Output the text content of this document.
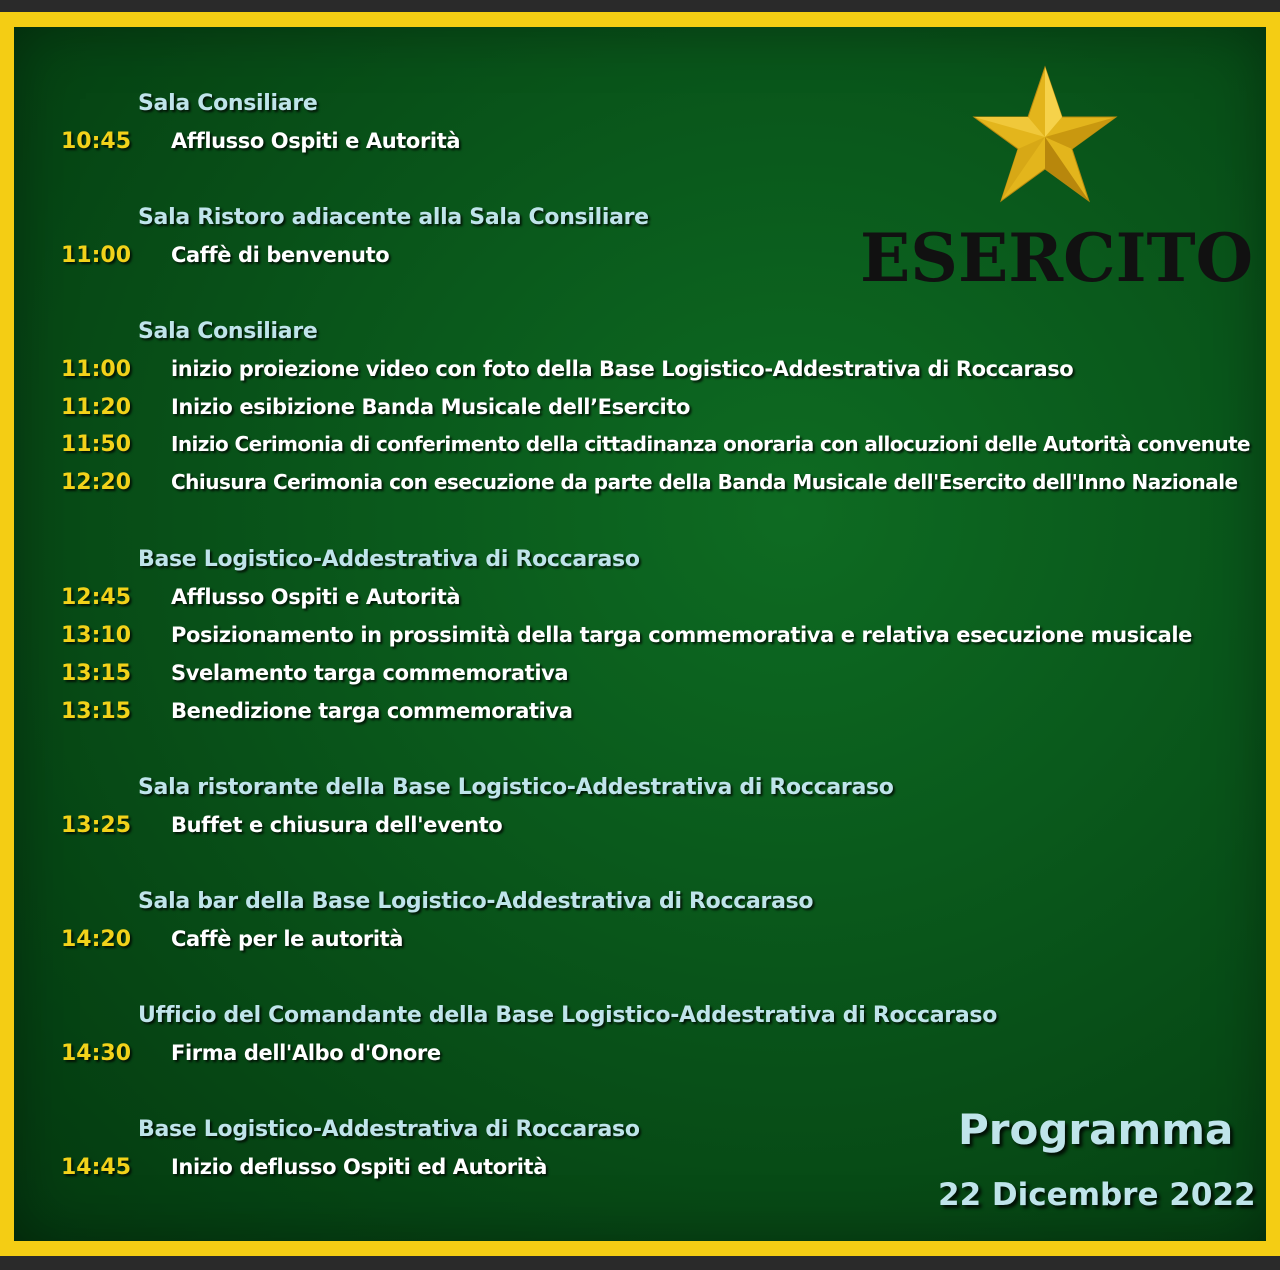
ESERCITO
Sala Consiliare
10:45 Afflusso Ospiti e Autorità
Sala Ristoro adiacente alla Sala Consiliare
11:00 Caffè di benvenuto
Sala Consiliare
11:00 inizio proiezione video con foto della Base Logistico-Addestrativa di Roccaraso
11:20 Inizio esibizione Banda Musicale dell’Esercito
11:50 Inizio Cerimonia di conferimento della cittadinanza onoraria con allocuzioni delle Autorità convenute
12:20 Chiusura Cerimonia con esecuzione da parte della Banda Musicale dell'Esercito dell'Inno Nazionale
Base Logistico-Addestrativa di Roccaraso
12:45 Afflusso Ospiti e Autorità
13:10 Posizionamento in prossimità della targa commemorativa e relativa esecuzione musicale
13:15 Svelamento targa commemorativa
13:15 Benedizione targa commemorativa
Sala ristorante della Base Logistico-Addestrativa di Roccaraso
13:25 Buffet e chiusura dell'evento
Sala bar della Base Logistico-Addestrativa di Roccaraso
14:20 Caffè per le autorità
Ufficio del Comandante della Base Logistico-Addestrativa di Roccaraso
14:30 Firma dell'Albo d'Onore
Base Logistico-Addestrativa di Roccaraso
14:45 Inizio deflusso Ospiti ed Autorità
Programma
22 Dicembre 2022
